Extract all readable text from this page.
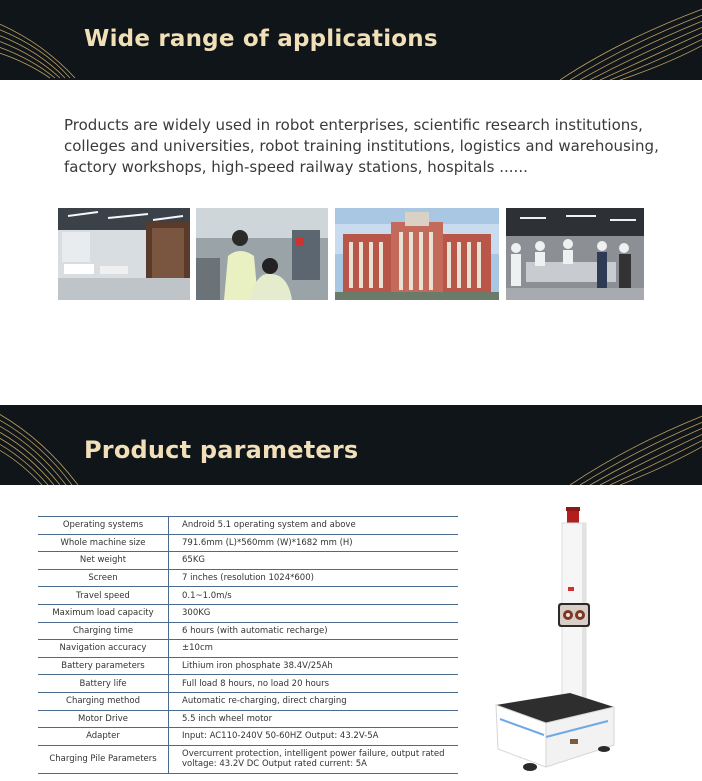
Wide range of applications
Products are widely used in robot enterprises, scientific research institutions, colleges and universities, robot training institutions, logistics and warehousing, factory workshops, high-speed railway stations, hospitals ......
Product parameters
Operating systems	Android 5.1 operating system and above
Whole machine size	791.6mm (L)*560mm (W)*1682 mm (H)
Net weight	65KG
Screen	7 inches (resolution 1024*600)
Travel speed	0.1~1.0m/s
Maximum load capacity	300KG
Charging time	6 hours (with automatic recharge)
Navigation accuracy	±10cm
Battery parameters	Lithium iron phosphate 38.4V/25Ah
Battery life	Full load 8 hours, no load 20 hours
Charging method	Automatic re-charging, direct charging
Motor Drive	5.5 inch wheel motor
Adapter	Input: AC110-240V 50-60HZ Output: 43.2V-5A
Charging Pile Parameters	Overcurrent protection, intelligent power failure, output rated voltage: 43.2V DC Output rated current: 5A
